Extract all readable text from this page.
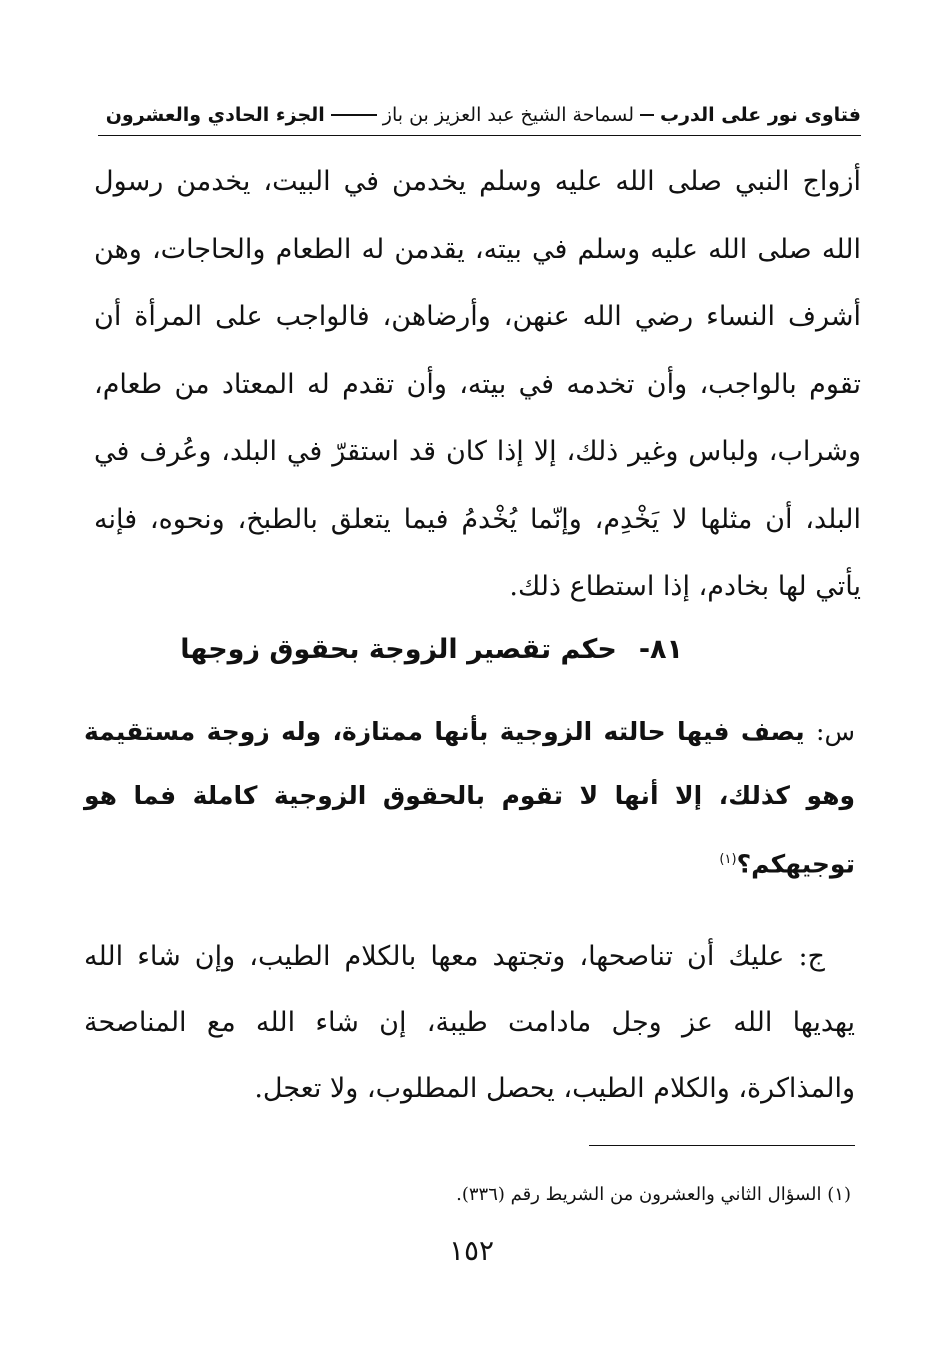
فتاوى نور على الدرب
لسماحة الشيخ عبد العزيز بن باز
الجزء الحادي والعشرون
أزواج النبي صلى الله عليه وسلم يخدمن في البيت، يخدمن رسول الله صلى الله عليه وسلم في بيته، يقدمن له الطعام والحاجات، وهن أشرف النساء رضي الله عنهن، وأرضاهن، فالواجب على المرأة أن تقوم بالواجب، وأن تخدمه في بيته، وأن تقدم له المعتاد من طعام، وشراب، ولباس وغير ذلك، إلا إذا كان قد استقرّ في البلد، وعُرف في البلد، أن مثلها لا يَخْدِم، وإنّما يُخْدمُ فيما يتعلق بالطبخ، ونحوه، فإنه يأتي لها بخادم، إذا استطاع ذلك.
٨١-
حكم تقصير الزوجة بحقوق زوجها
س: يصف فيها حالته الزوجية بأنها ممتازة، وله زوجة مستقيمة وهو كذلك، إلا أنها لا تقوم بالحقوق الزوجية كاملة فما هو توجيهكم؟$^{(١)}$
ج: عليك أن تناصحها، وتجتهد معها بالكلام الطيب، وإن شاء الله يهديها الله عز وجل مادامت طيبة، إن شاء الله مع المناصحة والمذاكرة، والكلام الطيب، يحصل المطلوب، ولا تعجل.
(١) السؤال الثاني والعشرون من الشريط رقم (٣٣٦).
١٥٢
